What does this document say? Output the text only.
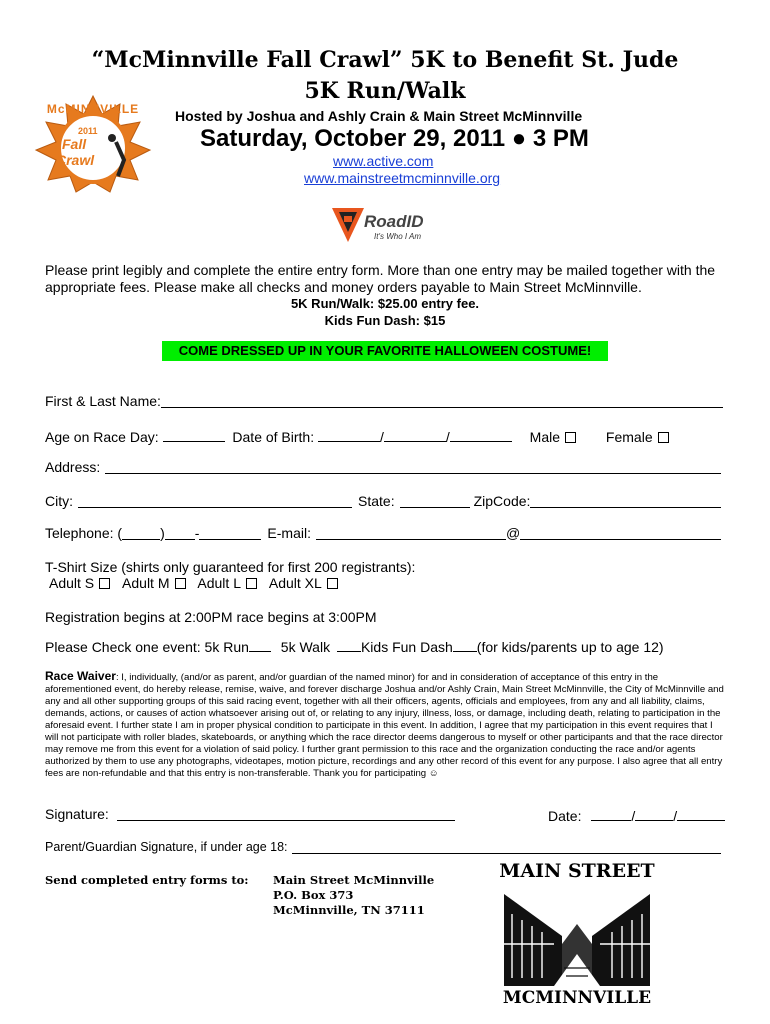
“McMinnville Fall Crawl” 5K to Benefit St. Jude
5K Run/Walk
McMINNVILLE
2011
Fall
Crawl
Hosted by Joshua and Ashly Crain & Main Street McMinnville
Saturday, October 29, 2011 ● 3 PM
www.active.com
www.mainstreetmcminnville.org
RoadID
It's Who I Am
Please print legibly and complete the entire entry form. More than one entry may be mailed together with the
appropriate fees. Please make all checks and money orders payable to Main Street McMinnville.
5K Run/Walk: $25.00 entry fee.
Kids Fun Dash: $15
COME DRESSED UP IN YOUR FAVORITE HALLOWEEN COSTUME!
First & Last Name:
Age on Race Day:	Date of Birth:	/	/	Male	Female
Address:
City:	State:	ZipCode:
Telephone: (	) -	E-mail:	@
T-Shirt Size (shirts only guaranteed for first 200 registrants):
Adult S Adult M Adult L Adult XL
Registration begins at 2:00PM race begins at 3:00PM
Please Check one event: 5k Run 5k Walk Kids Fun Dash (for kids/parents up to age 12)
Race Waiver: I, individually, (and/or as parent, and/or guardian of the named minor) for and in consideration of acceptance of this entry in the aforementioned event, do hereby release, remise, waive, and forever discharge Joshua and/or Ashly Crain, Main Street McMinnville, the City of McMinnville and any and all other supporting groups of this said racing event, together with all their officers, agents, officials and employees, from any and all liability, claims, demands, actions, or causes of action whatsoever arising out of, or relating to any injury, illness, loss, or damage, including death, relating to participation in the aforesaid event. I further state I am in proper physical condition to participate in this event. In addition, I agree that my participation in this event requires that I will not participate with roller blades, skateboards, or anything which the race director deems dangerous to myself or other participants and that the race director may remove me from this event for a violation of said policy. I further grant permission to this race and the organization conducting the race and/or agents authorized by them to use any photographs, videotapes, motion picture, recordings and any other record of this event for any purpose. I also agree that all entry fees are non-refundable and that this entry is non-transferable. Thank you for participating ☺
Signature:	Date:	/	/
Parent/Guardian Signature, if under age 18:
Send completed entry forms to: Main Street McMinnville
P.O. Box 373
McMinnville, TN 37111
MAIN STREET
MCMINNVILLE
